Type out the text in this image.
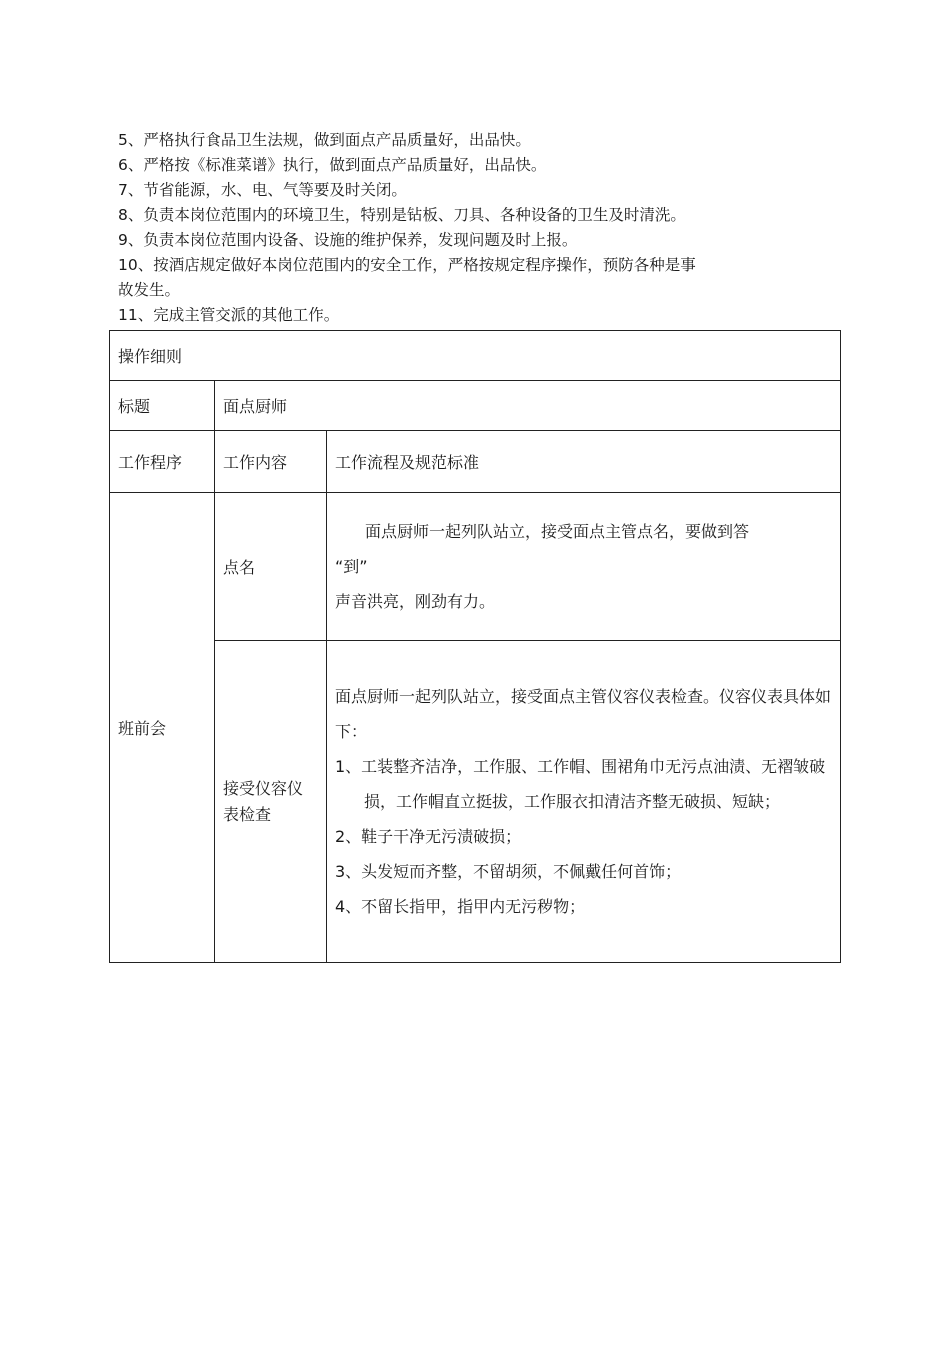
5、严格执行食品卫生法规，做到面点产品质量好，出品快。

6、严格按《标准菜谱》执行，做到面点产品质量好，出品快。

7、节省能源，水、电、气等要及时关闭。

8、负责本岗位范围内的环境卫生，特别是钻板、刀具、各种设备的卫生及时清洗。

9、负责本岗位范围内设备、设施的维护保养，发现问题及时上报。

10、按酒店规定做好本岗位范围内的安全工作，严格按规定程序操作，预防各种是事

故发生。

11、完成主管交派的其他工作。

操作细则		
标题	面点厨师	
工作程序	工作内容	工作流程及规范标准
班前会	点名	面点厨师一起列队站立，接受面点主管点名，要做到答

“到”

声音洪亮，刚劲有力。

	接受仪容仪表检查	面点厨师一起列队站立，接受面点主管仪容仪表检查。仪容仪表具体如下：

1、工装整齐洁净，工作服、工作帽、围裙角巾无污点油渍、无褶皱破损，工作帽直立挺拔，工作服衣扣清洁齐整无破损、短缺；

2、鞋子干净无污渍破损；

3、头发短而齐整，不留胡须，不佩戴任何首饰；

4、不留长指甲，指甲内无污秽物；
